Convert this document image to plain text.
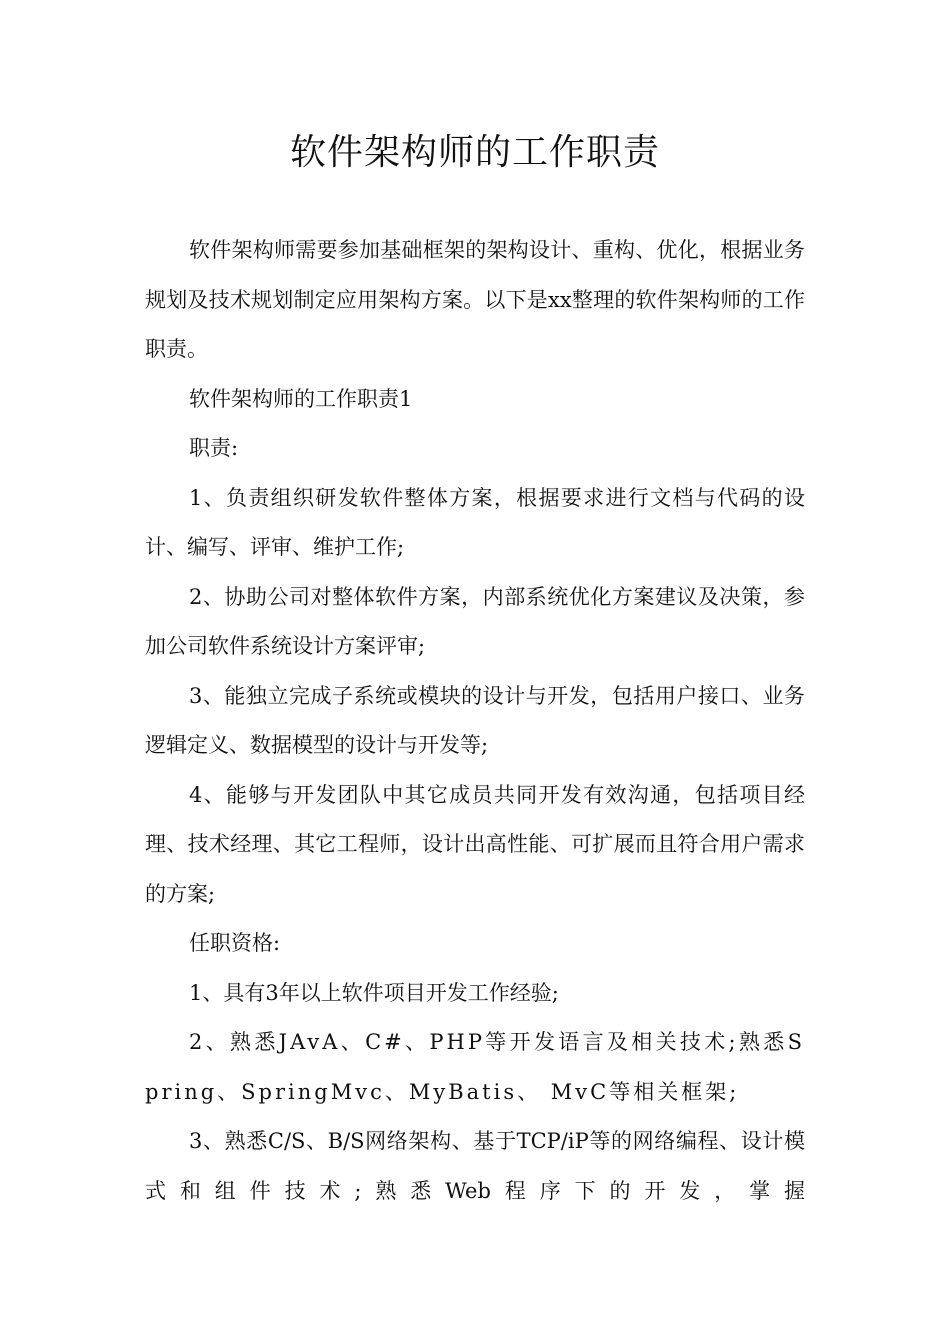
软件架构师的工作职责

软件架构师需要参加基础框架的架构设计、重构、优化，根据业务规划及技术规划制定应用架构方案。以下是xx整理的软件架构师的工作职责。

软件架构师的工作职责1

职责:

1、负责组织研发软件整体方案，根据要求进行文档与代码的设计、编写、评审、维护工作;

2、协助公司对整体软件方案，内部系统优化方案建议及决策，参加公司软件系统设计方案评审;

3、能独立完成子系统或模块的设计与开发，包括用户接口、业务逻辑定义、数据模型的设计与开发等;

4、能够与开发团队中其它成员共同开发有效沟通，包括项目经理、技术经理、其它工程师，设计出高性能、可扩展而且符合用户需求的方案;

任职资格:

1、具有3年以上软件项目开发工作经验;

2、熟悉JAvA、C#、PHP等开发语言及相关技术;熟悉Spring、SpringMvc、MyBatis、 MvC等相关框架;

3、熟悉C/S、B/S网络架构、基于TCP/iP等的网络编程、设计模式和组件技术;熟悉Web程序下的开发，掌握
